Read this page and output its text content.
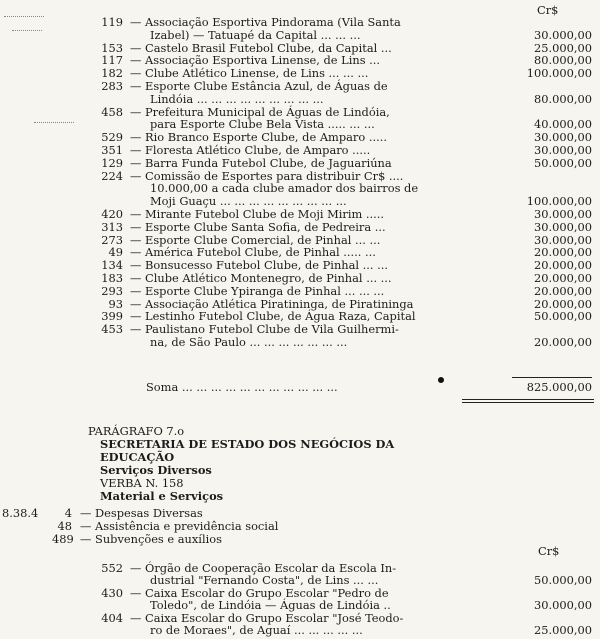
Cr$
119 — Associação Esportiva Pindorama (Vila Santa
Izabel) — Tatuapé da Capital ... ... ...	30.000,00
153 — Castelo Brasil Futebol Clube, da Capital ...	25.000,00
117 — Associação Esportiva Linense, de Lins ...	80.000,00
182 — Clube Atlético Linense, de Lins ... ... ...	100.000,00
283 — Esporte Clube Estância Azul, de Águas de
Lindóia ... ... ... ... ... ... ... ... ...	80.000,00
458 — Prefeitura Municipal de Águas de Lindóia,
para Esporte Clube Bela Vista ..... ... ...	40.000,00
529 — Rio Branco Esporte Clube, de Amparo .....	30.000,00
351 — Floresta Atlético Clube, de Amparo .....	30.000,00
129 — Barra Funda Futebol Clube, de Jaguariúna	50.000,00
224 — Comissão de Esportes para distribuir Cr$ ....
10.000,00 a cada clube amador dos bairros de
Moji Guaçu ... ... ... ... ... ... ... ... ...	100.000,00
420 — Mirante Futebol Clube de Moji Mirim .....	30.000,00
313 — Esporte Clube Santa Sofia, de Pedreira ...	30.000,00
273 — Esporte Clube Comercial, de Pinhal ... ...	30.000,00
49 — América Futebol Clube, de Pinhal ..... ...	20.000,00
134 — Bonsucesso Futebol Clube, de Pinhal ... ...	20.000,00
183 — Clube Atlético Montenegro, de Pinhal ... ...	20.000,00
293 — Esporte Clube Ypiranga de Pinhal ... ... ...	20.000,00
93 — Associação Atlética Piratininga, de Piratininga	20.000,00
399 — Lestinho Futebol Clube, de Água Raza, Capital	50.000,00
453 — Paulistano Futebol Clube de Vila Guilhermi-
na, de São Paulo ... ... ... ... ... ... ...	20.000,00
Soma ... ... ... ... ... ... ... ... ... ... ...	825.000,00
PARÁGRAFO 7.o
SECRETARIA DE ESTADO DOS NEGÓCIOS DA
EDUCAÇÃO
Serviços Diversos
VERBA N. 158
Material e Serviços
8.38.4	4 — Despesas Diversas
48 — Assistência e previdência social
489 — Subvenções e auxílios
Cr$
552 — Órgão de Cooperação Escolar da Escola In-
dustrial "Fernando Costa", de Lins ... ...	50.000,00
430 — Caixa Escolar do Grupo Escolar "Pedro de
Toledo", de Lindóia — Águas de Lindóia ..	30.000,00
404 — Caixa Escolar do Grupo Escolar "José Teodo-
ro de Moraes", de Aguaí ... ... ... ... ...	25.000,00
